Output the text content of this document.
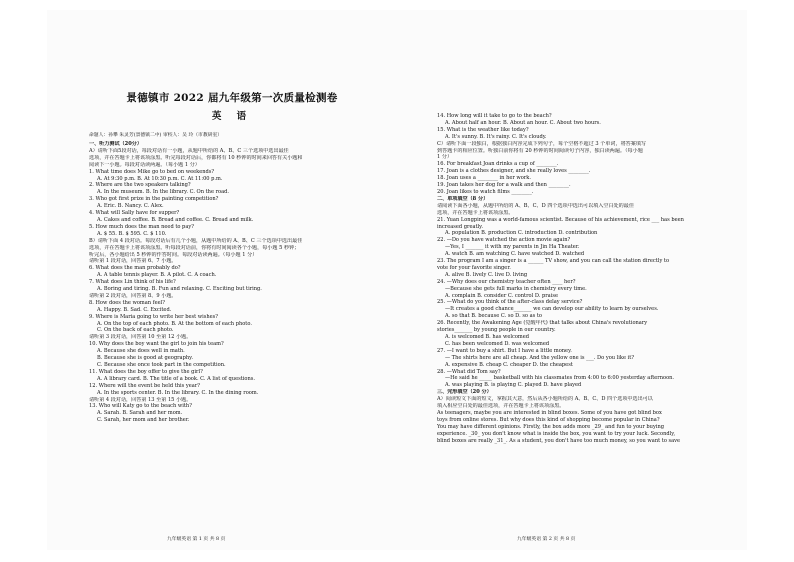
景德镇市 2022 届九年级第一次质量检测卷
英 语
命题人：孙攀 朱灵芳(景德镇二中) 审校人：吴 玲（市教研室）
一、听力测试（20分）
A）请听下面5段对话，每段对话有一小题，从题中所给的 A、B、C 三个选项中选出最佳
选项，并在答题卡上将该项涂黑。听完每段对话后，你都将有 10 秒钟的时间来回答有关小题和
阅读下一小题。每段对话读两遍。（每小题 1 分）
1. What time does Mike go to bed on weekends?
A. At 9:30 p.m. B. At 10:30 p.m. C. At 11:00 p.m.
2. Where are the two speakers talking?
A. In the museum. B. In the library. C. On the road.
3. Who got first prize in the painting competition?
A. Eric. B. Nancy. C. Alex.
4. What will Sally have for supper?
A. Cakes and coffee. B. Bread and coffee. C. Bread and milk.
5. How much does the man need to pay?
A. $ 55. B. $ 595. C. $ 110.
B）请听下面 4 段对话。每段对话后有几个小题，从题中所给的 A、B、C 三个选项中选出最佳
选项，并在答题卡上将该项涂黑。听每段对话前，你将有时间阅读各个小题，每小题 5 秒钟；
听完后，各小题给出 5 秒钟的作答时间。每段对话读两遍。（每小题 1 分）
请听第 1 段对话，回答第 6、7 小题。
6. What does the man probably do?
A. A table tennis player. B. A pilot. C. A coach.
7. What does Lin think of his life?
A. Boring and tiring. B. Fun and relaxing. C. Exciting but tiring.
请听第 2 段对话，回答第 8、9 小题。
8. How does the woman feel?
A. Happy. B. Sad. C. Excited.
9. Where is Maria going to write her best wishes?
A. On the top of each photo. B. At the bottom of each photo.
C. On the back of each photo.
请听第 3 段对话，回答第 10 至第 12 小题。
10. Why does the boy want the girl to join his team?
A. Because she does well in math.
B. Because she is good at geography.
C. Because she once took part in the competition.
11. What does the boy offer to give the girl?
A. A library card. B. The title of a book. C. A list of questions.
12. Where will the event be held this year?
A. In the sports center. B. In the library. C. In the dining room.
请听第 4 段对话，回答第 13 至第 15 小题。
13. Who will Katy go to the beach with?
A. Sarah. B. Sarah and her mom.
C. Sarah, her mom and her brother.
九年级英语 第 1 页 共 8 页
14. How long will it take to go to the beach?
A. About half an hour. B. About an hour. C. About two hours.
15. What is the weather like today?
A. It's sunny. B. It's rainy. C. It's cloudy.
C）请听下面一段独白，根据独白内容完成下列句子，每个空格不超过 3 个单词，将答案填写
到答题卡的相应位置。听独白前你将有 20 秒钟的时间阅读句子内容，独白读两遍。（每小题
1 分）
16. For breakfast Joan drinks a cup of ________.
17. Joan is a clothes designer, and she really loves ________.
18. Joan uses a ________ in her work.
19. Joan takes her dog for a walk and then ________.
20. Joan likes to watch films ________.
二、单项填空（8 分）
请阅读下面各小题，从题中所给的 A、B、C、D 四个选项中选出可以填入空白处的最佳
选项，并在答题卡上将该项涂黑。
21. Yuan Longping was a world-famous scientist. Because of his achievement, rice ___ has been
increased greatly.
A. population B. production C. introduction D. contribution
22. —Do you have watched the action movie again?
—Yes, I _______ it with my parents in Jin Ha Theater.
A. watch B. am watching C. have watched D. watched
23. The program I am a singer is a ______ TV show, and you can call the station directly to
vote for your favorite singer.
A. alive B. lively C. live D. living
24. —Why does our chemistry teacher often ____ her?
—Because she gets full marks in chemistry every time.
A. complain B. consider C. control D. praise
25. —What do you think of the after-class delay service?
—It creates a good chance_______ we can develop our ability to learn by ourselves.
A. so that B. because C. so D. so as to
26. Recently, the Awakening Age (觉醒年代) that talks about China's revolutionary
stories_______ by young people in our country.
A. is welcomed B. has welcomed
C. has been welcomed D. was welcomed
27. —I want to buy a shirt. But I have a little money.
— The shirts here are all cheap. And the yellow one is ___. Do you like it?
A. expensive B. cheap C. cheaper D. the cheapest
28. —What did Tom say?
—He said he _____ basketball with his classmates from 4:00 to 6:00 yesterday afternoon.
A. was playing B. is playing C. played D. have played
三、完形填空（20 分）
A）阅读短文下面的短文，掌握其大意，然后从各小题所给的 A、B、C、D 四个选项中选出可以
填入相应空白处的最佳选项，并在答题卡上将该项涂黑。
As teenagers, maybe you are interested in blind boxes. Some of you have got blind box
toys from online stores. But why does this kind of shopping become popular in China?
You may have different opinions. Firstly, the box adds more _29_ and fun to your buying
experience. _30_ you don't know what is inside the box, you want to try your luck. Secondly,
blind boxes are really _31_. As a student, you don't have too much money, so you want to save
九年级英语 第 2 页 共 8 页
